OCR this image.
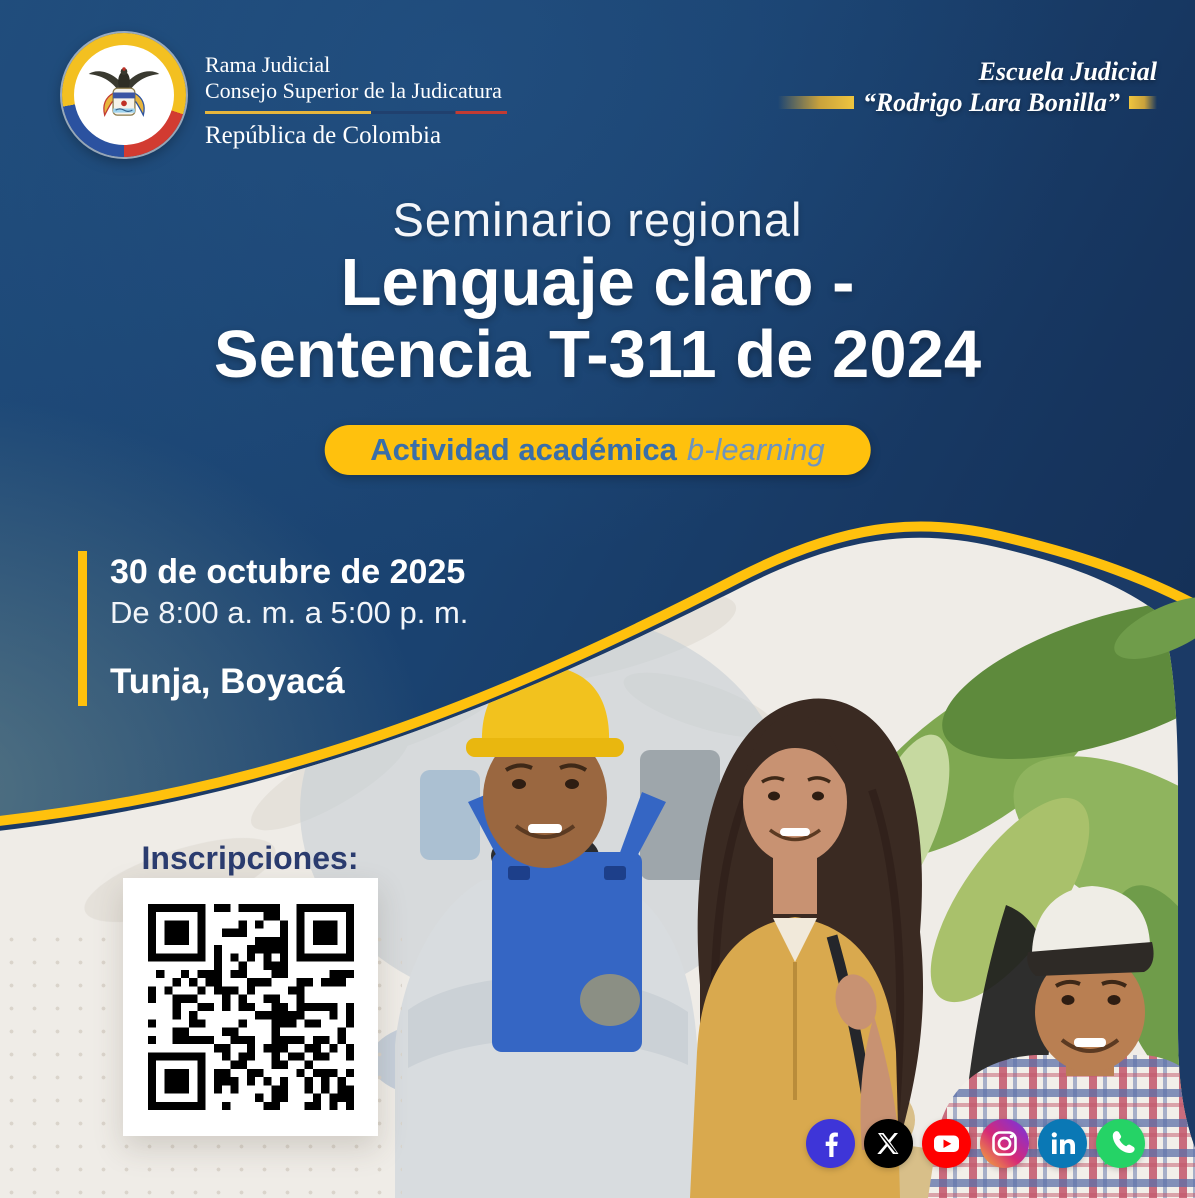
Rama Judicial
Consejo Superior de la Judicatura
República de Colombia
Escuela Judicial
“Rodrigo Lara Bonilla”
Seminario regional
Lenguaje claro -
Sentencia T-311 de 2024
Actividad académica b-learning
30 de octubre de 2025
De 8:00 a. m. a 5:00 p. m.
Tunja, Boyacá
Inscripciones:
